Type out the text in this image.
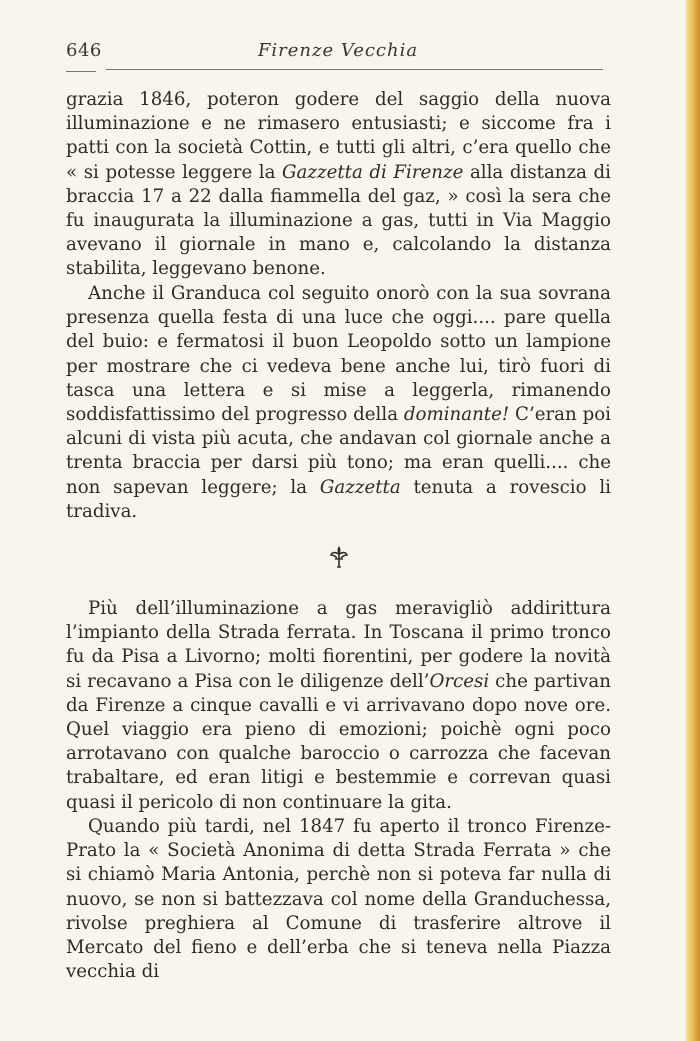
646	Firenze Vecchia

grazia 1846, poteron godere del saggio della nuova illuminazione e ne rimasero entusiasti; e siccome fra i patti con la società Cottin, e tutti gli altri, c’era quello che « si potesse leggere la Gazzetta di Firenze alla distanza di braccia 17 a 22 dalla fiammella del gaz, » così la sera che fu inaugurata la illuminazione a gas, tutti in Via Maggio avevano il giornale in mano e, calcolando la distanza stabilita, leggevano benone.

Anche il Granduca col seguito onorò con la sua sovrana presenza quella festa di una luce che oggi.... pare quella del buio: e fermatosi il buon Leopoldo sotto un lampione per mostrare che ci vedeva bene anche lui, tirò fuori di tasca una lettera e si mise a leggerla, rimanendo soddisfattissimo del progresso della dominante! C’eran poi alcuni di vista più acuta, che andavan col giornale anche a trenta braccia per darsi più tono; ma eran quelli.... che non sapevan leggere; la Gazzetta tenuta a rovescio li tradiva.

Più dell’illuminazione a gas meravigliò addirittura l’impianto della Strada ferrata. In Toscana il primo tronco fu da Pisa a Livorno; molti fiorentini, per godere la novità si recavano a Pisa con le diligenze dell’Orcesi che partivan da Firenze a cinque cavalli e vi arrivavano dopo nove ore. Quel viaggio era pieno di emozioni; poichè ogni poco arrotavano con qualche baroccio o carrozza che facevan trabaltare, ed eran litigi e bestemmie e correvan quasi quasi il pericolo di non continuare la gita.

Quando più tardi, nel 1847 fu aperto il tronco Firenze-Prato la « Società Anonima di detta Strada Ferrata » che si chiamò Maria Antonia, perchè non si poteva far nulla di nuovo, se non si battezzava col nome della Granduchessa, rivolse preghiera al Comune di trasferire altrove il Mercato del fieno e dell’erba che si teneva nella Piazza vecchia di
